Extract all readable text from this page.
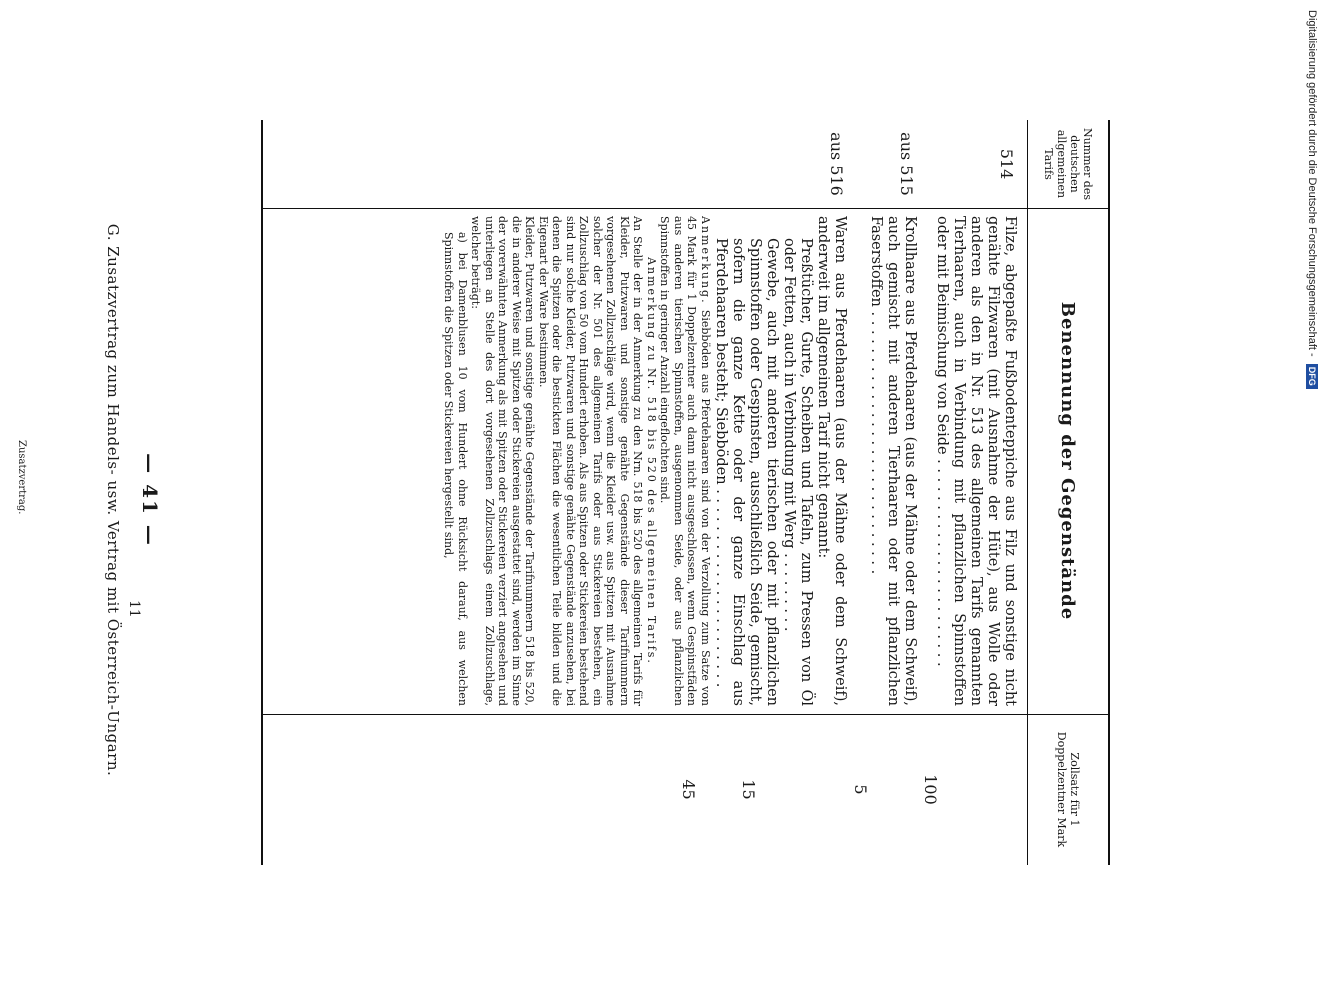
G. Zusatzvertrag zum Handels- usw. Vertrag mit Österreich-Ungarn. — 41 —
Nummer des deutschen allgemeinen Tarifs
Benennung der Gegenstände
Zollsatz für 1 Doppelzentner Mark
514
Filze, abgepaßte Fußbodenteppiche aus Filz und sonstige nicht genähte Filzwaren (mit Ausnahme der Hüte), aus Wolle oder anderen als den in Nr. 513 des allgemeinen Tarifs genannten Tierhaaren, auch in Verbindung mit pflanzlichen Spinnstoffen oder mit Beimischung von Seide . . . . . . . . . . . . . . . . . . . . . . .
100
aus 515
Krollhaare aus Pferdehaaren (aus der Mähne oder dem Schweif), auch gemischt mit anderen Tierhaaren oder mit pflanzlichen Faserstoffen . . . . . . . . . . . . . . . . . . . . . . . . . . . . .
5
aus 516
Waren aus Pferdehaaren (aus der Mähne oder dem Schweif), anderweit im allgemeinen Tarif nicht genannt:
Preßtücher, Gurte, Scheiben und Tafeln, zum Pressen von Öl oder Fetten, auch in Verbindung mit Werg . . . . . . . . .
Gewebe, auch mit anderen tierischen oder mit pflanzlichen Spinnstoffen oder Gespinsten, ausschließlich Seide, gemischt, sofern die ganze Kette oder der ganze Einschlag aus Pferdehaaren besteht; Siebböden . . . . . . . . . . . . . . . . . . . . . .
Anmerkung. Siebböden aus Pferdehaaren sind von der Verzollung zum Satze von 45 Mark für 1 Doppelzentner auch dann nicht ausgeschlossen, wenn Gespinstfäden aus anderen tierischen Spinnstoffen, ausgenommen Seide, oder aus pflanzlichen Spinnstoffen in geringer Anzahl eingeflochten sind.
Anmerkung zu Nr. 518 bis 520 des allgemeinen Tarifs.
An Stelle der in der Anmerkung zu den Nrn. 518 bis 520 des allgemeinen Tarifs für Kleider, Putzwaren und sonstige genähte Gegenstände dieser Tarifnummern vorgesehenen Zollzuschläge wird, wenn die Kleider usw. aus Spitzen mit Ausnahme solcher der Nr. 501 des allgemeinen Tarifs oder aus Stickereien bestehen, ein Zollzuschlag von 50 vom Hundert erhoben. Als aus Spitzen oder Stickereien bestehend sind nur solche Kleider, Putzwaren und sonstige genähte Gegenstände anzusehen, bei denen die Spitzen oder die bestickten Flächen die wesentlichen Teile bilden und die Eigenart der Ware bestimmen.
Kleider, Putzwaren und sonstige genähte Gegenstände der Tarifnummern 518 bis 520, die in anderer Weise mit Spitzen oder Stickereien ausgestattet sind, werden im Sinne der vorerwähnten Anmerkung als mit Spitzen oder Stickereien verziert angesehen und unterliegen an Stelle des dort vorgesehenen Zollzuschlags einem Zollzuschlage, welcher beträgt:
a) bei Damenblusen 10 vom Hundert ohne Rücksicht darauf, aus welchen Spinnstoffen die Spitzen oder Stickereien hergestellt sind,
15
45
11
Zusatzvertrag.
Digitalisierung gefördert durch die Deutsche Forschungsgemeinschaft - DFG
